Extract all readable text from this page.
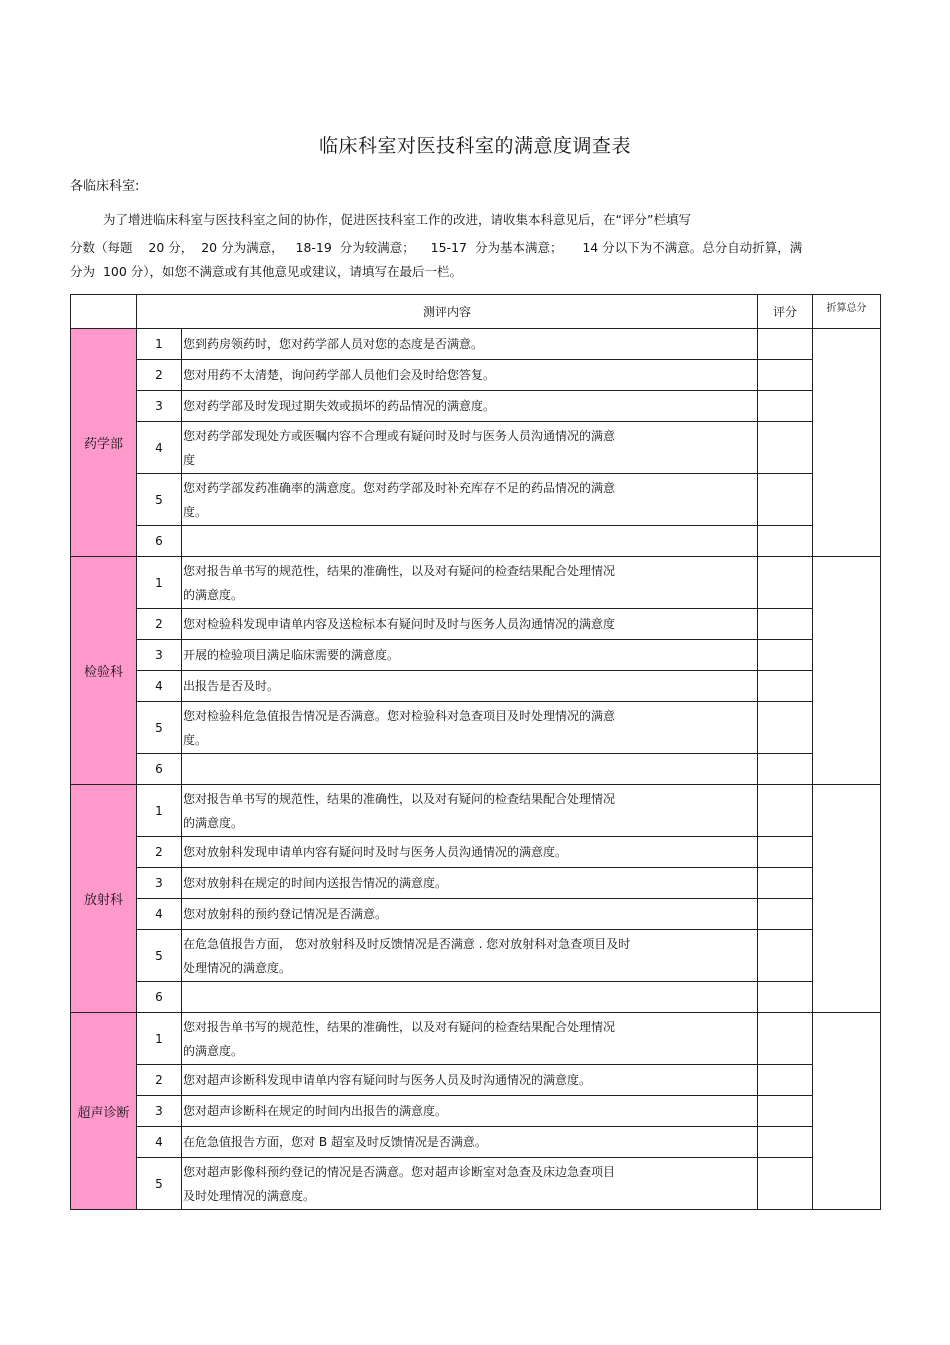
临床科室对医技科室的满意度调查表
各临床科室:
为了增进临床科室与医技科室之间的协作，促进医技科室工作的改进，请收集本科意见后，在“评分”栏填写
分数（每题    20 分，  20 分为满意，   18-19  分为较满意；    15-17  分为基本满意；     14 分以下为不满意。总分自动折算，满
分为  100 分），如您不满意或有其他意见或建议，请填写在最后一栏。
	测评内容		评分	折算总分
药学部	1	您到药房领药时，您对药学部人员对您的态度是否满意。		
	2	您对用药不太清楚，询问药学部人员他们会及时给您答复。		
	3	您对药学部及时发现过期失效或损坏的药品情况的满意度。		
	4	您对药学部发现处方或医嘱内容不合理或有疑问时及时与医务人员沟通情况的满意
度		
	5	您对药学部发药准确率的满意度。您对药学部及时补充库存不足的药品情况的满意
度。		
	6			
检验科	1	您对报告单书写的规范性，结果的准确性，以及对有疑问的检查结果配合处理情况
的满意度。		
	2	您对检验科发现申请单内容及送检标本有疑问时及时与医务人员沟通情况的满意度		
	3	开展的检验项目满足临床需要的满意度。		
	4	出报告是否及时。		
	5	您对检验科危急值报告情况是否满意。您对检验科对急查项目及时处理情况的满意
度。		
	6			
放射科	1	您对报告单书写的规范性，结果的准确性，以及对有疑问的检查结果配合处理情况
的满意度。		
	2	您对放射科发现申请单内容有疑问时及时与医务人员沟通情况的满意度。		
	3	您对放射科在规定的时间内送报告情况的满意度。		
	4	您对放射科的预约登记情况是否满意。		
	5	在危急值报告方面， 您对放射科及时反馈情况是否满意 . 您对放射科对急查项目及时
处理情况的满意度。		
	6			
超声诊断	1	您对报告单书写的规范性，结果的准确性，以及对有疑问的检查结果配合处理情况
的满意度。		
	2	您对超声诊断科发现申请单内容有疑问时与医务人员及时沟通情况的满意度。		
	3	您对超声诊断科在规定的时间内出报告的满意度。		
	4	在危急值报告方面，您对 B 超室及时反馈情况是否满意。		
	5	您对超声影像科预约登记的情况是否满意。您对超声诊断室对急查及床边急查项目
及时处理情况的满意度。		
